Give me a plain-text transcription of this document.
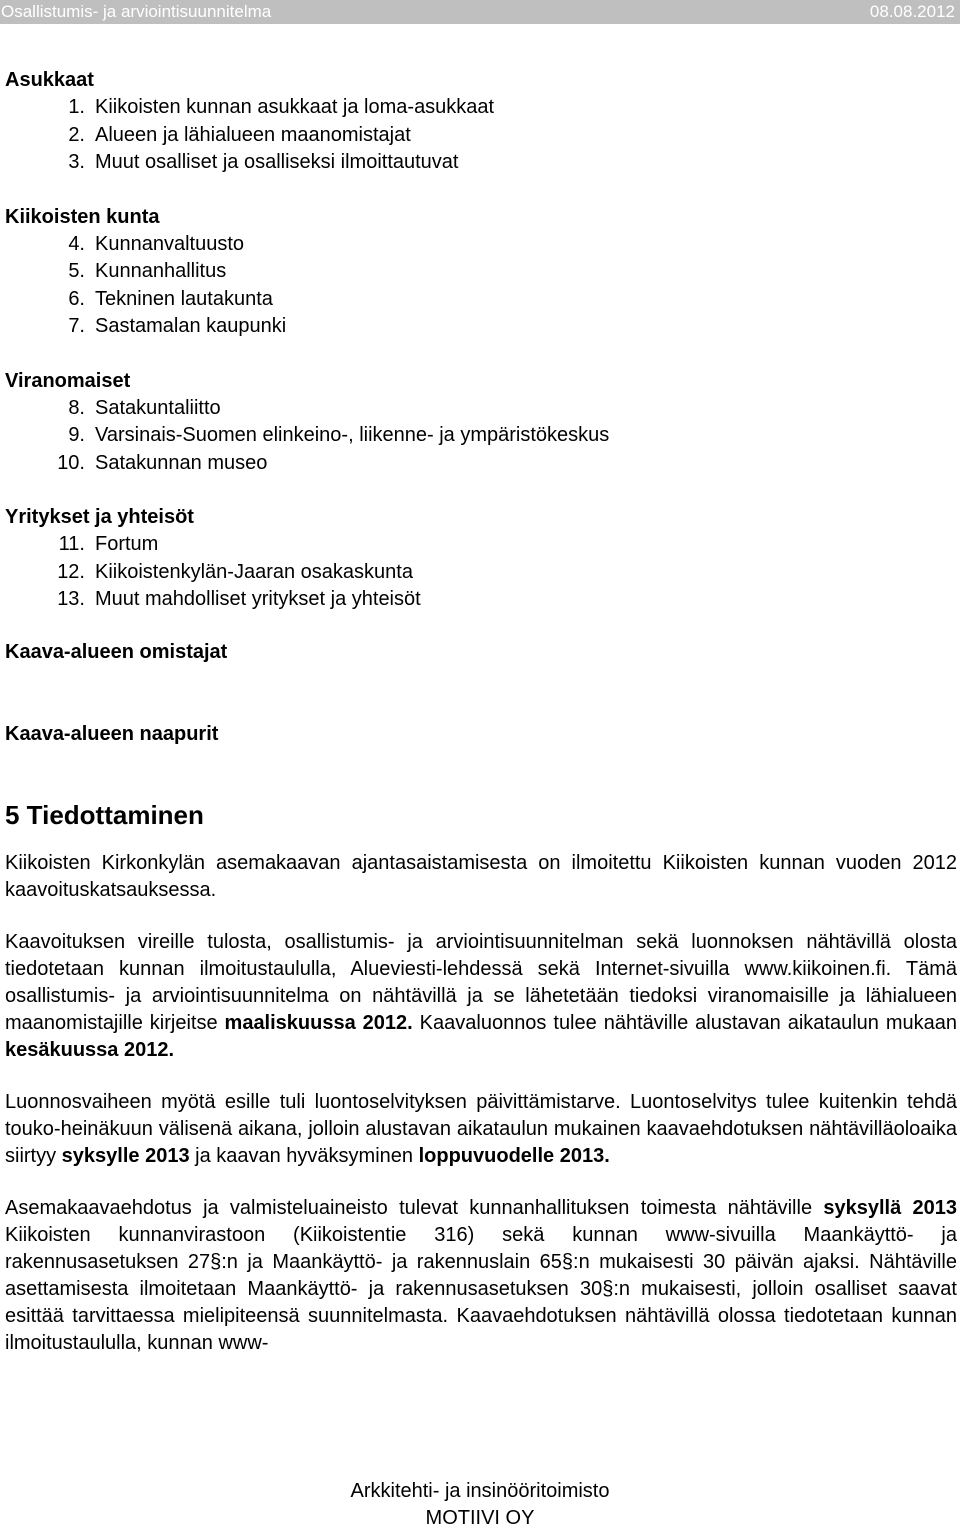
Osallistumis- ja arviointisuunnitelma	08.08.2012
Asukkaat
1. Kiikoisten kunnan asukkaat ja loma-asukkaat
2. Alueen ja lähialueen maanomistajat
3. Muut osalliset ja osalliseksi ilmoittautuvat
Kiikoisten kunta
4. Kunnanvaltuusto
5. Kunnanhallitus
6. Tekninen lautakunta
7. Sastamalan kaupunki
Viranomaiset
8. Satakuntaliitto
9. Varsinais-Suomen elinkeino-, liikenne- ja ympäristökeskus
10. Satakunnan museo
Yritykset ja yhteisöt
11. Fortum
12. Kiikoistenkylän-Jaaran osakaskunta
13. Muut mahdolliset yritykset ja yhteisöt
Kaava-alueen omistajat
Kaava-alueen naapurit
5 Tiedottaminen

Kiikoisten Kirkonkylän asemakaavan ajantasaistamisesta on ilmoitettu Kiikoisten kunnan vuoden 2012 kaavoituskatsauksessa.

Kaavoituksen vireille tulosta, osallistumis- ja arviointisuunnitelman sekä luonnoksen nähtävillä olosta tiedotetaan kunnan ilmoitustaululla, Alueviesti-lehdessä sekä Internet-sivuilla www.kiikoinen.fi. Tämä osallistumis- ja arviointisuunnitelma on nähtävillä ja se lähetetään tiedoksi viranomaisille ja lähialueen maanomistajille kirjeitse maaliskuussa 2012. Kaavaluonnos tulee nähtäville alustavan aikataulun mukaan kesäkuussa 2012.

Luonnosvaiheen myötä esille tuli luontoselvityksen päivittämistarve. Luontoselvitys tulee kuitenkin tehdä touko-heinäkuun välisenä aikana, jolloin alustavan aikataulun mukainen kaavaehdotuksen nähtävilläoloaika siirtyy syksylle 2013 ja kaavan hyväksyminen loppuvuodelle 2013.

Asemakaavaehdotus ja valmisteluaineisto tulevat kunnanhallituksen toimesta nähtäville syksyllä 2013 Kiikoisten kunnanvirastoon (Kiikoistentie 316) sekä kunnan www-sivuilla Maankäyttö- ja rakennusasetuksen 27§:n ja Maankäyttö- ja rakennuslain 65§:n mukaisesti 30 päivän ajaksi. Nähtäville asettamisesta ilmoitetaan Maankäyttö- ja rakennusasetuksen 30§:n mukaisesti, jolloin osalliset saavat esittää tarvittaessa mielipiteensä suunnitelmasta. Kaavaehdotuksen nähtävillä olossa tiedotetaan kunnan ilmoitustaululla, kunnan www-

Arkkitehti- ja insinööritoimisto
MOTIIVI OY
